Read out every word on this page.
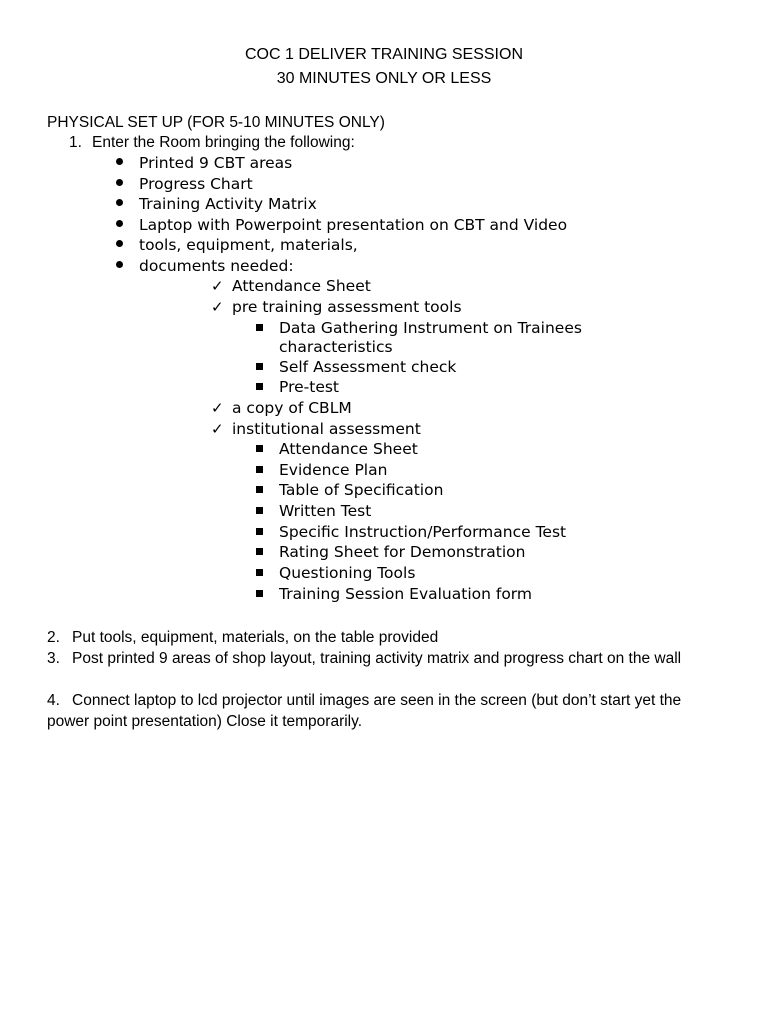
COC 1 DELIVER TRAINING SESSION
30 MINUTES ONLY OR LESS
PHYSICAL SET UP (FOR 5-10 MINUTES ONLY)
1. Enter the Room bringing the following:
Printed 9 CBT areas
Progress Chart
Training Activity Matrix
Laptop with Powerpoint presentation on CBT and Video
tools, equipment, materials,
documents needed:
✓ Attendance Sheet
✓ pre training assessment tools
Data Gathering Instrument on Trainees
characteristics
Self Assessment check
Pre-test
✓ a copy of CBLM
✓ institutional assessment
Attendance Sheet
Evidence Plan
Table of Specification
Written Test
Specific Instruction/Performance Test
Rating Sheet for Demonstration
Questioning Tools
Training Session Evaluation form
2. Put tools, equipment, materials, on the table provided
3. Post printed 9 areas of shop layout, training activity matrix and progress chart on the wall
4. Connect laptop to lcd projector until images are seen in the screen (but don’t start yet the power point presentation) Close it temporarily.
